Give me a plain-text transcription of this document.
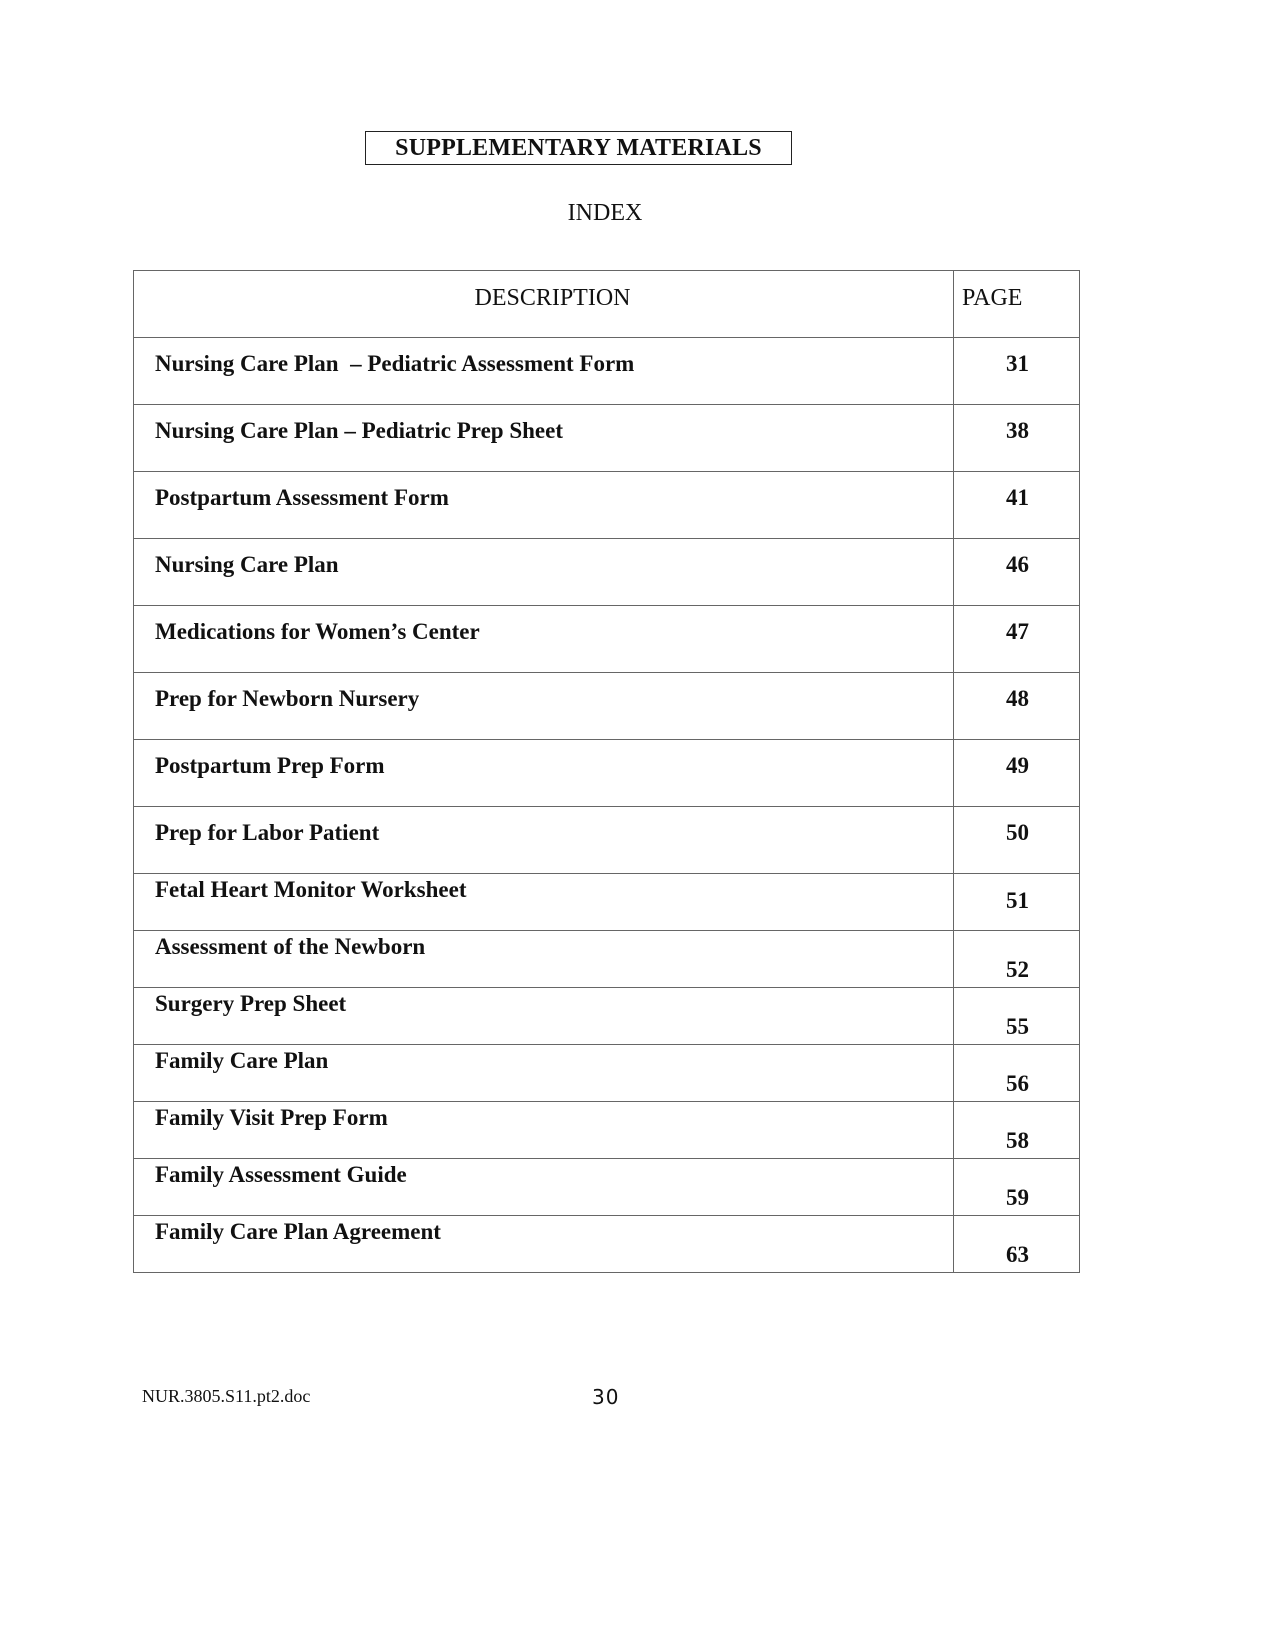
SUPPLEMENTARY MATERIALS
INDEX
DESCRIPTION	PAGE

Nursing Care Plan  – Pediatric Assessment Form	31

Nursing Care Plan – Pediatric Prep Sheet	38

Postpartum Assessment Form	41

Nursing Care Plan	46

Medications for Women’s Center	47

Prep for Newborn Nursery	48

Postpartum Prep Form	49

Prep for Labor Patient	50

Fetal Heart Monitor Worksheet	51

Assessment of the Newborn	52

Surgery Prep Sheet	55

Family Care Plan	56

Family Visit Prep Form	58

Family Assessment Guide	59

Family Care Plan Agreement	63
NUR.3805.S11.pt2.doc	30
